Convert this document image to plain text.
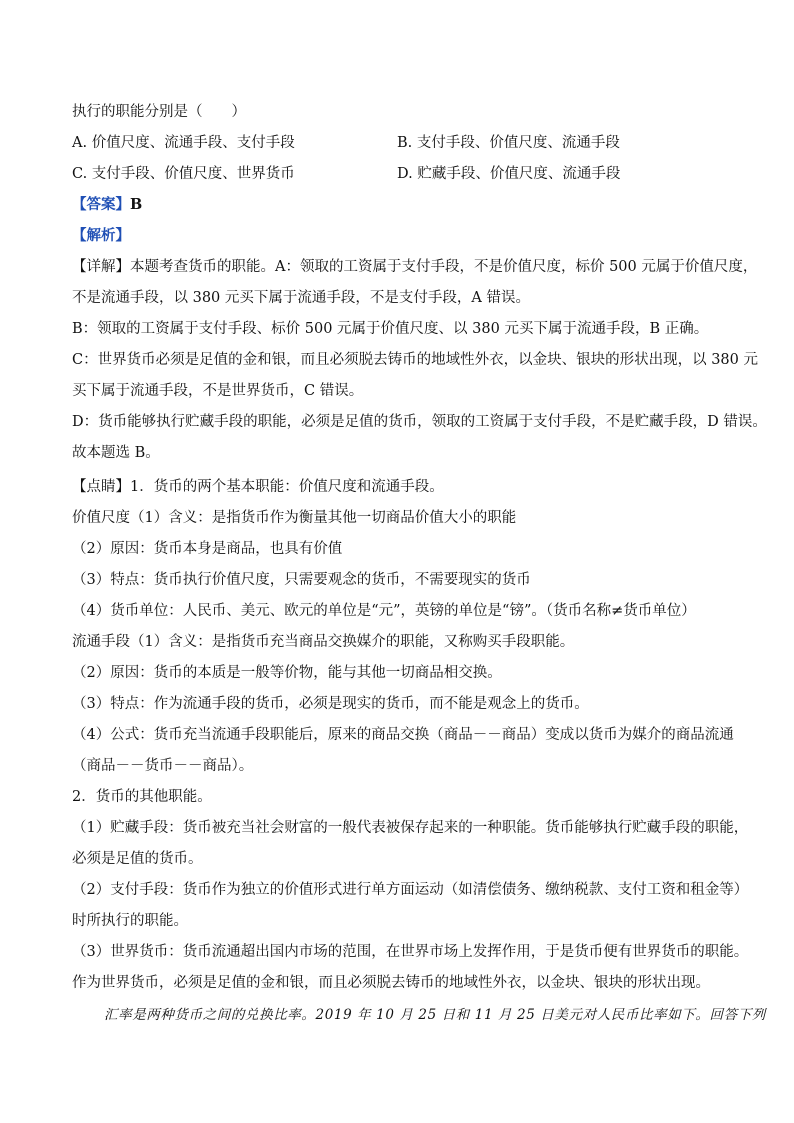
执行的职能分别是（　　）
A. 价值尺度、流通手段、支付手段	B. 支付手段、价值尺度、流通手段
C. 支付手段、价值尺度、世界货币	D. 贮藏手段、价值尺度、流通手段
【答案】B
【解析】
【详解】本题考查货币的职能。A：领取的工资属于支付手段，不是价值尺度，标价 500 元属于价值尺度，
不是流通手段，以 380 元买下属于流通手段，不是支付手段，A 错误。
B：领取的工资属于支付手段、标价 500 元属于价值尺度、以 380 元买下属于流通手段，B 正确。
C：世界货币必须是足值的金和银，而且必须脱去铸币的地域性外衣，以金块、银块的形状出现，以 380 元
买下属于流通手段，不是世界货币，C 错误。
D：货币能够执行贮藏手段的职能，必须是足值的货币，领取的工资属于支付手段，不是贮藏手段，D 错误。
故本题选 B。
【点睛】1．货币的两个基本职能：价值尺度和流通手段。
价值尺度（1）含义：是指货币作为衡量其他一切商品价值大小的职能
（2）原因：货币本身是商品，也具有价值
（3）特点：货币执行价值尺度，只需要观念的货币，不需要现实的货币
（4）货币单位：人民币、美元、欧元的单位是“元”，英镑的单位是“镑”。（货币名称≠货币单位）
流通手段（1）含义：是指货币充当商品交换媒介的职能，又称购买手段职能。
（2）原因：货币的本质是一般等价物，能与其他一切商品相交换。
（3）特点：作为流通手段的货币，必须是现实的货币，而不能是观念上的货币。
（4）公式：货币充当流通手段职能后，原来的商品交换（商品－－商品）变成以货币为媒介的商品流通
（商品－－货币－－商品）。
2．货币的其他职能。
（1）贮藏手段：货币被充当社会财富的一般代表被保存起来的一种职能。货币能够执行贮藏手段的职能，
必须是足值的货币。
（2）支付手段：货币作为独立的价值形式进行单方面运动（如清偿债务、缴纳税款、支付工资和租金等）
时所执行的职能。
（3）世界货币：货币流通超出国内市场的范围，在世界市场上发挥作用，于是货币便有世界货币的职能。
作为世界货币，必须是足值的金和银，而且必须脱去铸币的地域性外衣，以金块、银块的形状出现。
汇率是两种货币之间的兑换比率。2019 年 10 月 25 日和 11 月 25 日美元对人民币比率如下。回答下列
